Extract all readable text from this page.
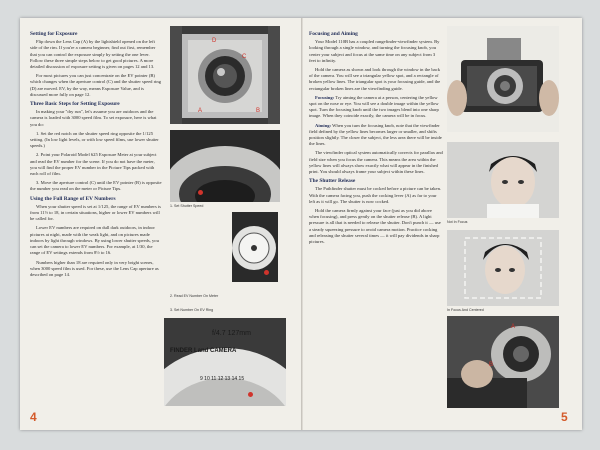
Setting for Exposure

Flip down the Lens Cap (A) by the lightshield opened on the left side of the rim. If you're a camera beginner, find out first, remember that you can control the exposure simply by setting the one lever. Follow these three simple steps below to get good pictures. A more detailed discussion of exposure setting is given on pages 12 and 13.

For most pictures you can just concentrate on the EV pointer (B) which changes when the aperture control (C) and the shutter speed ring (D) are moved. EV, by the way, means Exposure Value, and is discussed more fully on page 12.

Three Basic Steps for Setting Exposure

In making your "dry run", let's assume you are outdoors and the camera is loaded with 3000 speed film. To set exposure, here is what you do:

1. Set the red notch on the shutter speed ring opposite the 1/125 setting. (In low light levels, or with low speed films, use lower shutter speeds.)

2. Point your Polaroid Model 625 Exposure Meter at your subject and read the EV number for the scene. If you do not have the meter, you will find the proper EV number in the Picture Tips packed with each roll of film.

3. Move the aperture control (C) until the EV pointer (B) is opposite the number you read on the meter or Picture Tips.

Using the Full Range of EV Numbers

When your shutter speed is set at 1/125, the range of EV numbers is from 11½ to 18, in certain situations, higher or lower EV numbers will be called for.

Lower EV numbers are required on dull dark outdoors, in indoor pictures at night, made with the weak light, and on pictures made indoors by light through windows. By using lower shutter speeds, you can set the camera to lower EV numbers. For example, at 1/30, the range of EV settings extends from 8½ to 16.

Numbers higher than 18 are required only in very bright scenes, when 3000 speed film is used. For these, use the Lens Cap aperture as described on page 14.

D
C
A	B
1. Set Shutter Speed
2. Read EV Number On Meter
f/4.7 127mm
FINDER Land CAMERA
9 10 11 12 13 14 15
3. Set Number On EV Ring
4
Focusing and Aiming

Your Model 110B has a coupled rangefinder-viewfinder system. By looking through a single window, and turning the focusing knob, you center your subject and focus at the same time on any subject from 3 feet to infinity.

Hold the camera as shown and look through the window in the back of the camera. You will see a triangular yellow spot, and a rectangle of broken yellow lines. The triangular spot is your focusing guide, and the rectangular broken lines are the viewfinding guide.

Focusing: Try aiming the camera at a person, centering the yellow spot on the nose or eye. You will see a double image within the yellow spot. Turn the focusing knob until the two images blend into one sharp image. When they coincide exactly, the camera will be in focus.

Aiming: When you turn the focusing knob, note that the viewfinder field defined by the yellow lines becomes larger or smaller, and shifts position slightly. The closer the subject, the less area there will be inside the lines.

The viewfinder optical system automatically corrects for parallax and field size when you focus the camera. This means the area within the yellow lines will always show exactly what will appear in the finished print. You should always frame your subject within these lines.

The Shutter Release

The Pathfinder shutter must be cocked before a picture can be taken. With the camera facing you, push the cocking lever (A) as far to your left as it will go. The shutter is now cocked.

Hold the camera firmly against your face (just as you did above when focusing), and press gently on the shutter release (B). A light pressure is all that is needed to release the shutter. Don't punch it — use a steady squeezing pressure to avoid camera motion. Practice cocking and releasing the shutter several times — it will pay dividends in sharp pictures.

Not In Focus
In Focus And Centered
A
B
5
